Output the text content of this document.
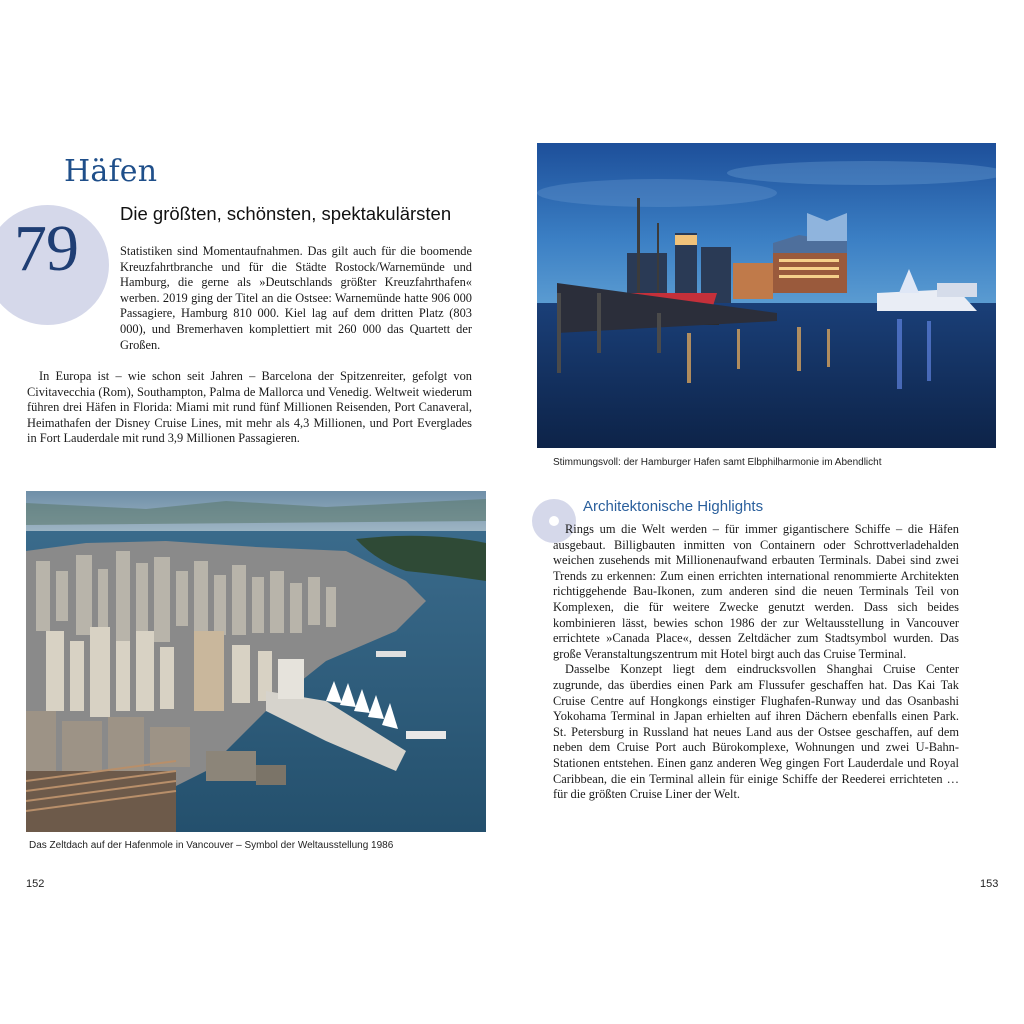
Häfen
79 Die größten, schönsten, spektakulärsten

Statistiken sind Momentaufnahmen. Das gilt auch für die boomende Kreuzfahrtbranche und für die Städte Rostock/Warnemünde und Hamburg, die gerne als »Deutschlands größter Kreuzfahrthafen« werben. 2019 ging der Titel an die Ostsee: Warnemünde hatte 906 000 Passagiere, Hamburg 810 000. Kiel lag auf dem dritten Platz (803 000), und Bremerhaven komplettiert mit 260 000 das Quartett der Großen.

In Europa ist – wie schon seit Jahren – Barcelona der Spitzenreiter, gefolgt von Civitavecchia (Rom), Southampton, Palma de Mallorca und Venedig. Weltweit wiederum führen drei Häfen in Florida: Miami mit rund fünf Millionen Reisenden, Port Canaveral, Heimathafen der Disney Cruise Lines, mit mehr als 4,3 Millionen, und Port Everglades in Fort Lauderdale mit rund 3,9 Millionen Passagieren.

Das Zeltdach auf der Hafenmole in Vancouver – Symbol der Weltausstellung 1986
152
Stimmungsvoll: der Hamburger Hafen samt Elbphilharmonie im Abendlicht
Architektonische Highlights

Rings um die Welt werden – für immer gigantischere Schiffe – die Häfen ausgebaut. Billigbauten inmitten von Containern oder Schrottverladehalden weichen zusehends mit Millionenaufwand erbauten Terminals. Dabei sind zwei Trends zu erkennen: Zum einen errichten international renommierte Architekten richtiggehende Bau-Ikonen, zum anderen sind die neuen Terminals Teil von Komplexen, die für weitere Zwecke genutzt werden. Dass sich beides kombinieren lässt, bewies schon 1986 der zur Weltausstellung in Vancouver errichtete »Canada Place«, dessen Zeltdächer zum Stadtsymbol wurden. Das große Veranstaltungszentrum mit Hotel birgt auch das Cruise Terminal.

Dasselbe Konzept liegt dem eindrucksvollen Shanghai Cruise Center zugrunde, das überdies einen Park am Flussufer geschaffen hat. Das Kai Tak Cruise Centre auf Hongkongs einstiger Flughafen-Runway und das Osanbashi Yokohama Terminal in Japan erhielten auf ihren Dächern ebenfalls einen Park. St. Petersburg in Russland hat neues Land aus der Ostsee geschaffen, auf dem neben dem Cruise Port auch Bürokomplexe, Wohnungen und zwei U-Bahn-Stationen entstehen. Einen ganz anderen Weg gingen Fort Lauderdale und Royal Caribbean, die ein Terminal allein für einige Schiffe der Reederei errichteten … für die größten Cruise Liner der Welt.

153
